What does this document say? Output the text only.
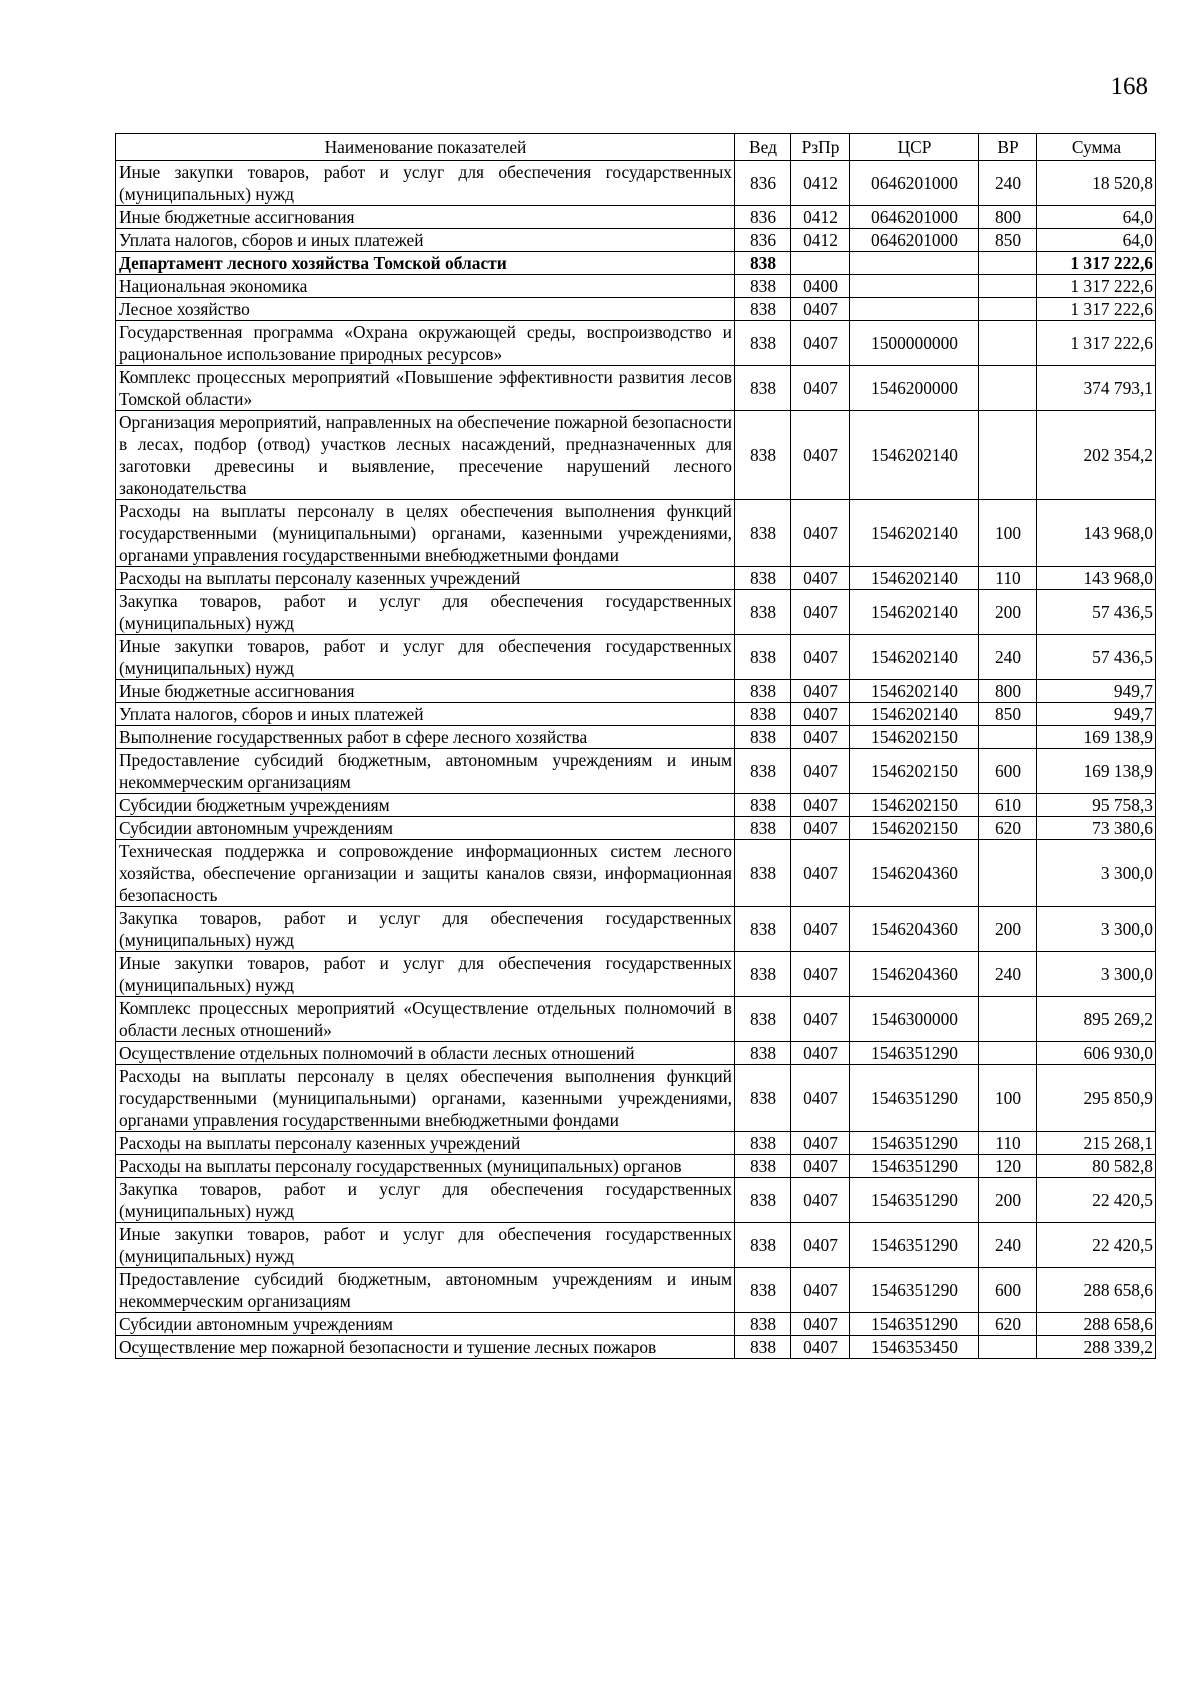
168
Наименование показателей	Вед	РзПр	ЦСР	ВР	Сумма
Иные закупки товаров, работ и услуг для обеспечения государственных (муниципальных) нужд	836	0412	0646201000	240	18 520,8
Иные бюджетные ассигнования	836	0412	0646201000	800	64,0
Уплата налогов, сборов и иных платежей	836	0412	0646201000	850	64,0
Департамент лесного хозяйства Томской области	838				1 317 222,6
Национальная экономика	838	0400			1 317 222,6
Лесное хозяйство	838	0407			1 317 222,6
Государственная программа «Охрана окружающей среды, воспроизводство и рациональное использование природных ресурсов»	838	0407	1500000000		1 317 222,6
Комплекс процессных мероприятий «Повышение эффективности развития лесов Томской области»	838	0407	1546200000		374 793,1
Организация мероприятий, направленных на обеспечение пожарной безопасности в лесах, подбор (отвод) участков лесных насаждений, предназначенных для заготовки древесины и выявление, пресечение нарушений лесного законодательства	838	0407	1546202140		202 354,2
Расходы на выплаты персоналу в целях обеспечения выполнения функций государственными (муниципальными) органами, казенными учреждениями, органами управления государственными внебюджетными фондами	838	0407	1546202140	100	143 968,0
Расходы на выплаты персоналу казенных учреждений	838	0407	1546202140	110	143 968,0
Закупка товаров, работ и услуг для обеспечения государственных (муниципальных) нужд	838	0407	1546202140	200	57 436,5
Иные закупки товаров, работ и услуг для обеспечения государственных (муниципальных) нужд	838	0407	1546202140	240	57 436,5
Иные бюджетные ассигнования	838	0407	1546202140	800	949,7
Уплата налогов, сборов и иных платежей	838	0407	1546202140	850	949,7
Выполнение государственных работ в сфере лесного хозяйства	838	0407	1546202150		169 138,9
Предоставление субсидий бюджетным, автономным учреждениям и иным некоммерческим организациям	838	0407	1546202150	600	169 138,9
Субсидии бюджетным учреждениям	838	0407	1546202150	610	95 758,3
Субсидии автономным учреждениям	838	0407	1546202150	620	73 380,6
Техническая поддержка и сопровождение информационных систем лесного хозяйства, обеспечение организации и защиты каналов связи, информационная безопасность	838	0407	1546204360		3 300,0
Закупка товаров, работ и услуг для обеспечения государственных (муниципальных) нужд	838	0407	1546204360	200	3 300,0
Иные закупки товаров, работ и услуг для обеспечения государственных (муниципальных) нужд	838	0407	1546204360	240	3 300,0
Комплекс процессных мероприятий «Осуществление отдельных полномочий в области лесных отношений»	838	0407	1546300000		895 269,2
Осуществление отдельных полномочий в области лесных отношений	838	0407	1546351290		606 930,0
Расходы на выплаты персоналу в целях обеспечения выполнения функций государственными (муниципальными) органами, казенными учреждениями, органами управления государственными внебюджетными фондами	838	0407	1546351290	100	295 850,9
Расходы на выплаты персоналу казенных учреждений	838	0407	1546351290	110	215 268,1
Расходы на выплаты персоналу государственных (муниципальных) органов	838	0407	1546351290	120	80 582,8
Закупка товаров, работ и услуг для обеспечения государственных (муниципальных) нужд	838	0407	1546351290	200	22 420,5
Иные закупки товаров, работ и услуг для обеспечения государственных (муниципальных) нужд	838	0407	1546351290	240	22 420,5
Предоставление субсидий бюджетным, автономным учреждениям и иным некоммерческим организациям	838	0407	1546351290	600	288 658,6
Субсидии автономным учреждениям	838	0407	1546351290	620	288 658,6
Осуществление мер пожарной безопасности и тушение лесных пожаров	838	0407	1546353450		288 339,2
